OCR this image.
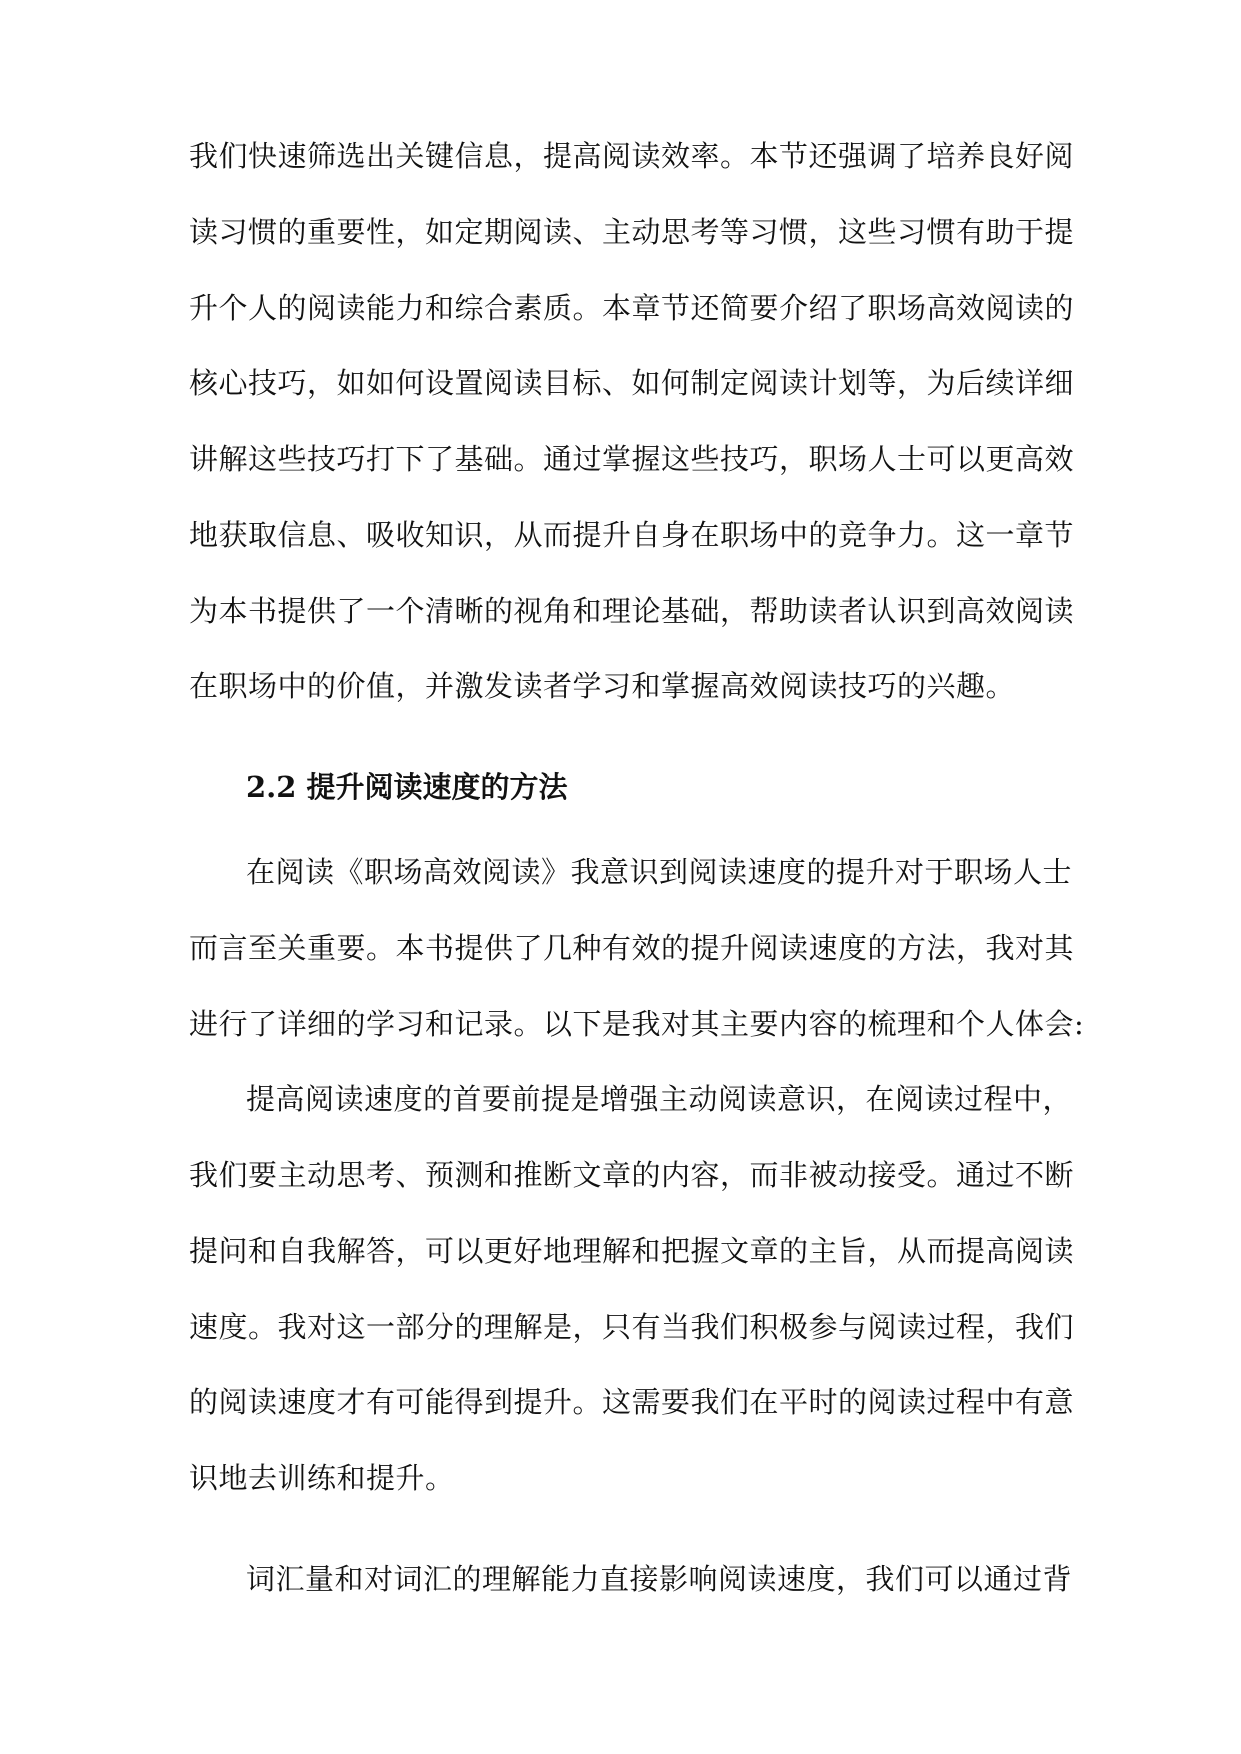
我们快速筛选出关键信息，提高阅读效率。本节还强调了培养良好阅
读习惯的重要性，如定期阅读、主动思考等习惯，这些习惯有助于提
升个人的阅读能力和综合素质。本章节还简要介绍了职场高效阅读的
核心技巧，如如何设置阅读目标、如何制定阅读计划等，为后续详细
讲解这些技巧打下了基础。通过掌握这些技巧，职场人士可以更高效
地获取信息、吸收知识，从而提升自身在职场中的竞争力。这一章节
为本书提供了一个清晰的视角和理论基础，帮助读者认识到高效阅读
在职场中的价值，并激发读者学习和掌握高效阅读技巧的兴趣。
2.2 提升阅读速度的方法
在阅读《职场高效阅读》我意识到阅读速度的提升对于职场人士
而言至关重要。本书提供了几种有效的提升阅读速度的方法，我对其
进行了详细的学习和记录。以下是我对其主要内容的梳理和个人体会:
提高阅读速度的首要前提是增强主动阅读意识，在阅读过程中，
我们要主动思考、预测和推断文章的内容，而非被动接受。通过不断
提问和自我解答，可以更好地理解和把握文章的主旨，从而提高阅读
速度。我对这一部分的理解是，只有当我们积极参与阅读过程，我们
的阅读速度才有可能得到提升。这需要我们在平时的阅读过程中有意
识地去训练和提升。
词汇量和对词汇的理解能力直接影响阅读速度，我们可以通过背
